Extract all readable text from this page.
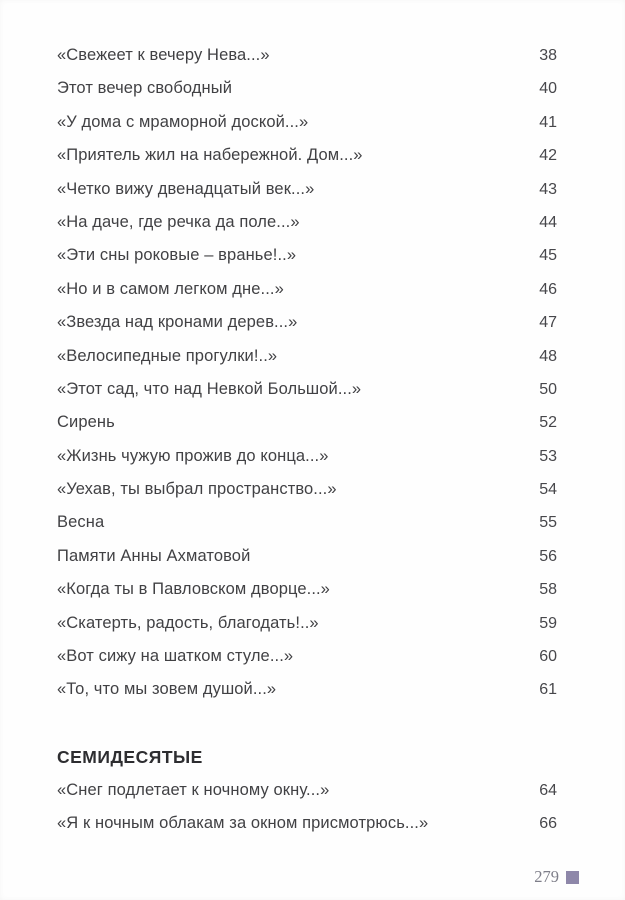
«Свежеет к вечеру Нева...»	38
Этот вечер свободный	40
«У дома с мраморной доской...»	41
«Приятель жил на набережной. Дом...»	42
«Четко вижу двенадцатый век...»	43
«На даче, где речка да поле...»	44
«Эти сны роковые – вранье!..»	45
«Но и в самом легком дне...»	46
«Звезда над кронами дерев...»	47
«Велосипедные прогулки!..»	48
«Этот сад, что над Невкой Большой...»	50
Сирень	52
«Жизнь чужую прожив до конца...»	53
«Уехав, ты выбрал пространство...»	54
Весна	55
Памяти Анны Ахматовой	56
«Когда ты в Павловском дворце...»	58
«Скатерть, радость, благодать!..»	59
«Вот сижу на шатком стуле...»	60
«То, что мы зовем душой...»	61
СЕМИДЕСЯТЫЕ
«Снег подлетает к ночному окну...»	64
«Я к ночным облакам за окном присмотрюсь...»	66
279
